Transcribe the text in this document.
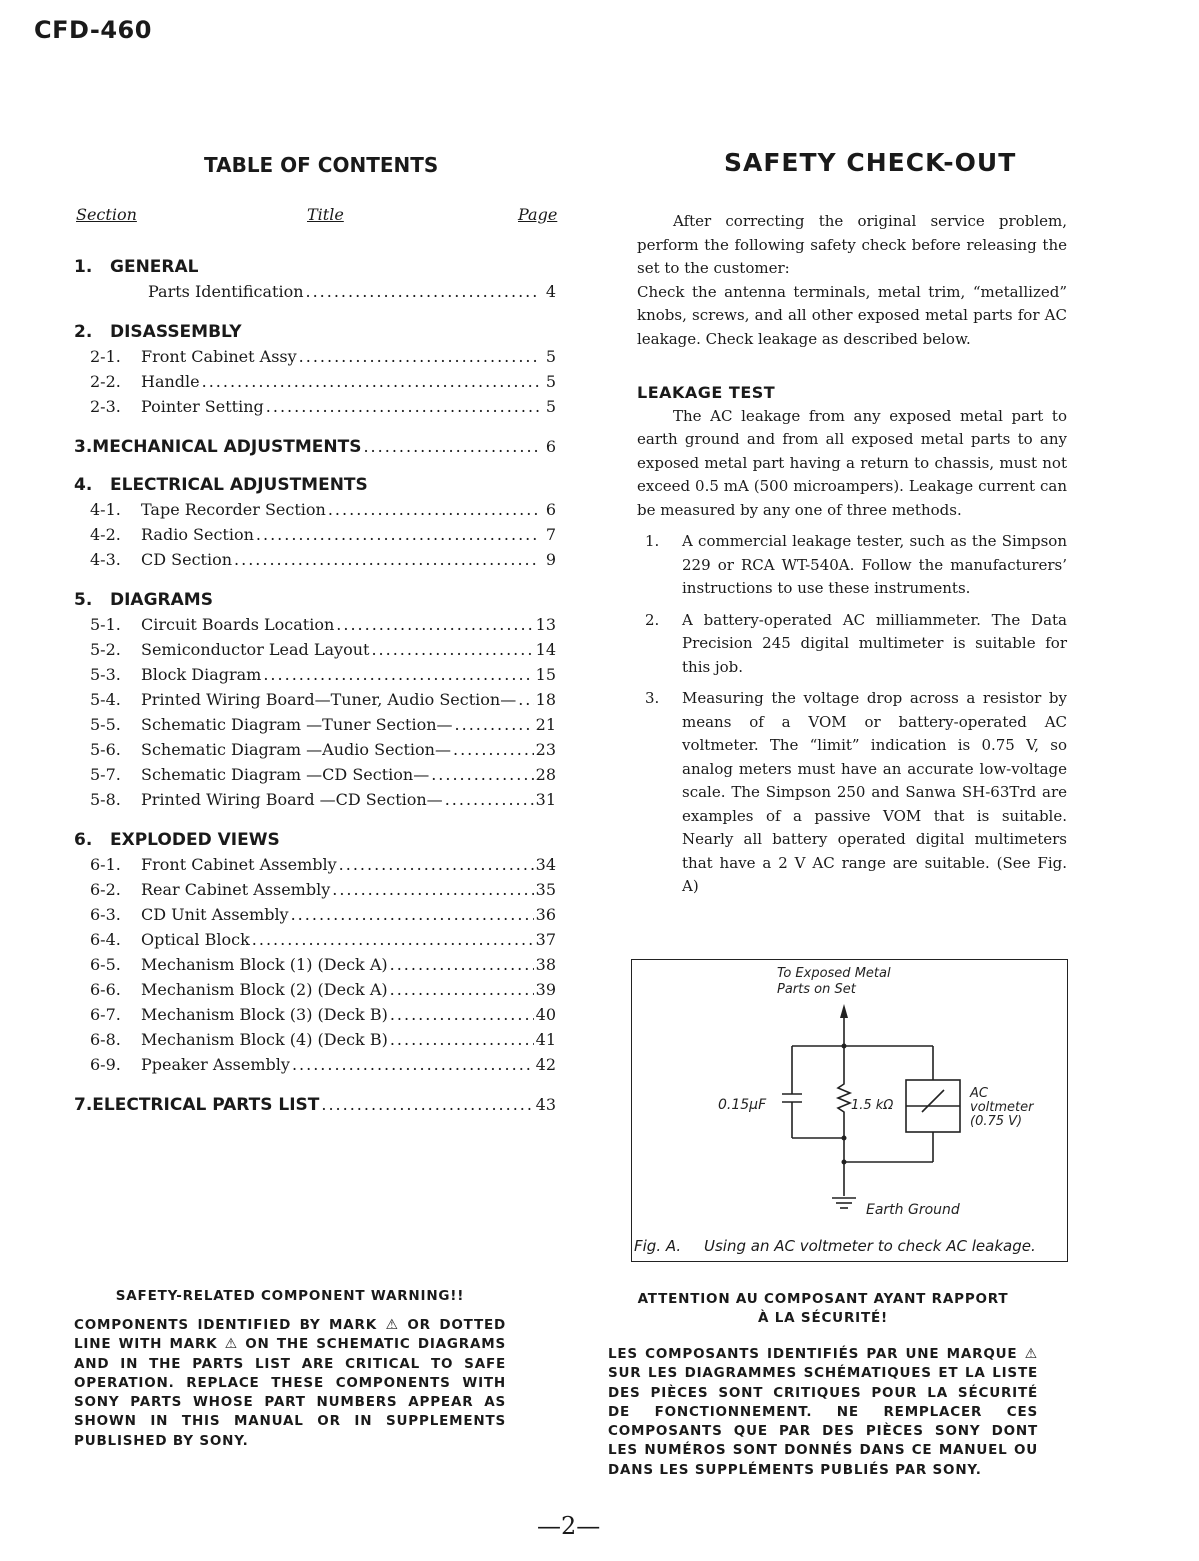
CFD-460
TABLE OF CONTENTS
Section	Title	Page
1.	GENERAL
Parts Identification .....	4
2.	DISASSEMBLY
2-1.	Front Cabinet Assy .....	5
2-2.	Handle .....	5
2-3.	Pointer Setting .....	5
3. MECHANICAL ADJUSTMENTS .....	6
4.	ELECTRICAL ADJUSTMENTS
4-1.	Tape Recorder Section .....	6
4-2.	Radio Section .....	7
4-3.	CD Section .....	9
5.	DIAGRAMS
5-1.	Circuit Boards Location .....	13
5-2.	Semiconductor Lead Layout .....	14
5-3.	Block Diagram .....	15
5-4.	Printed Wiring Board—Tuner, Audio Section— ..... 18
5-5.	Schematic Diagram —Tuner Section— .....	21
5-6.	Schematic Diagram —Audio Section— .....	23
5-7.	Schematic Diagram —CD Section— .....	28
5-8.	Printed Wiring Board —CD Section— .....	31
6.	EXPLODED VIEWS
6-1.	Front Cabinet Assembly .....	34
6-2.	Rear Cabinet Assembly .....	35
6-3.	CD Unit Assembly .....	36
6-4.	Optical Block .....	37
6-5.	Mechanism Block (1) (Deck A) .....	38
6-6.	Mechanism Block (2) (Deck A) .....	39
6-7.	Mechanism Block (3) (Deck B) .....	40
6-8.	Mechanism Block (4) (Deck B) .....	41
6-9.	Ppeaker Assembly .....	42
7. ELECTRICAL PARTS LIST .....	43
SAFETY CHECK-OUT

After correcting the original service problem, perform the following safety check before releasing the set to the customer:

Check the antenna terminals, metal trim, “metallized” knobs, screws, and all other exposed metal parts for AC leakage. Check leakage as described below.

LEAKAGE TEST

The AC leakage from any exposed metal part to earth ground and from all exposed metal parts to any exposed metal part having a return to chassis, must not exceed 0.5 mA (500 microampers). Leakage current can be measured by any one of three methods.

1.	A commercial leakage tester, such as the Simpson 229 or RCA WT-540A. Follow the manufacturers’ instructions to use these instruments.
2.	A battery-operated AC milliammeter. The Data Precision 245 digital multimeter is suitable for this job.
3.	Measuring the voltage drop across a resistor by means of a VOM or battery-operated AC voltmeter. The “limit” indication is 0.75 V, so analog meters must have an accurate low-voltage scale. The Simpson 250 and Sanwa SH-63Trd are examples of a passive VOM that is suitable. Nearly all battery operated digital multimeters that have a 2 V AC range are suitable. (See Fig. A)
To Exposed Metal
Parts on Set
0.15μF	1.5 kΩ
AC
voltmeter
(0.75 V)
Earth Ground
Fig. A. Using an AC voltmeter to check AC leakage.
SAFETY-RELATED COMPONENT WARNING!!
COMPONENTS IDENTIFIED BY MARK ⚠ OR DOTTED LINE WITH MARK ⚠ ON THE SCHEMATIC DIAGRAMS AND IN THE PARTS LIST ARE CRITICAL TO SAFE OPERATION. REPLACE THESE COMPONENTS WITH SONY PARTS WHOSE PART NUMBERS APPEAR AS SHOWN IN THIS MANUAL OR IN SUPPLEMENTS PUBLISHED BY SONY.
ATTENTION AU COMPOSANT AYANT RAPPORT
À LA SÉCURITÉ!
LES COMPOSANTS IDENTIFIÉS PAR UNE MARQUE ⚠ SUR LES DIAGRAMMES SCHÉMATIQUES ET LA LISTE DES PIÈCES SONT CRITIQUES POUR LA SÉCURITÉ DE FONCTIONNEMENT. NE REMPLACER CES COMPOSANTS QUE PAR DES PIÈCES SONY DONT LES NUMÉROS SONT DONNÉS DANS CE MANUEL OU DANS LES SUPPLÉMENTS PUBLIÉS PAR SONY.
—2—
